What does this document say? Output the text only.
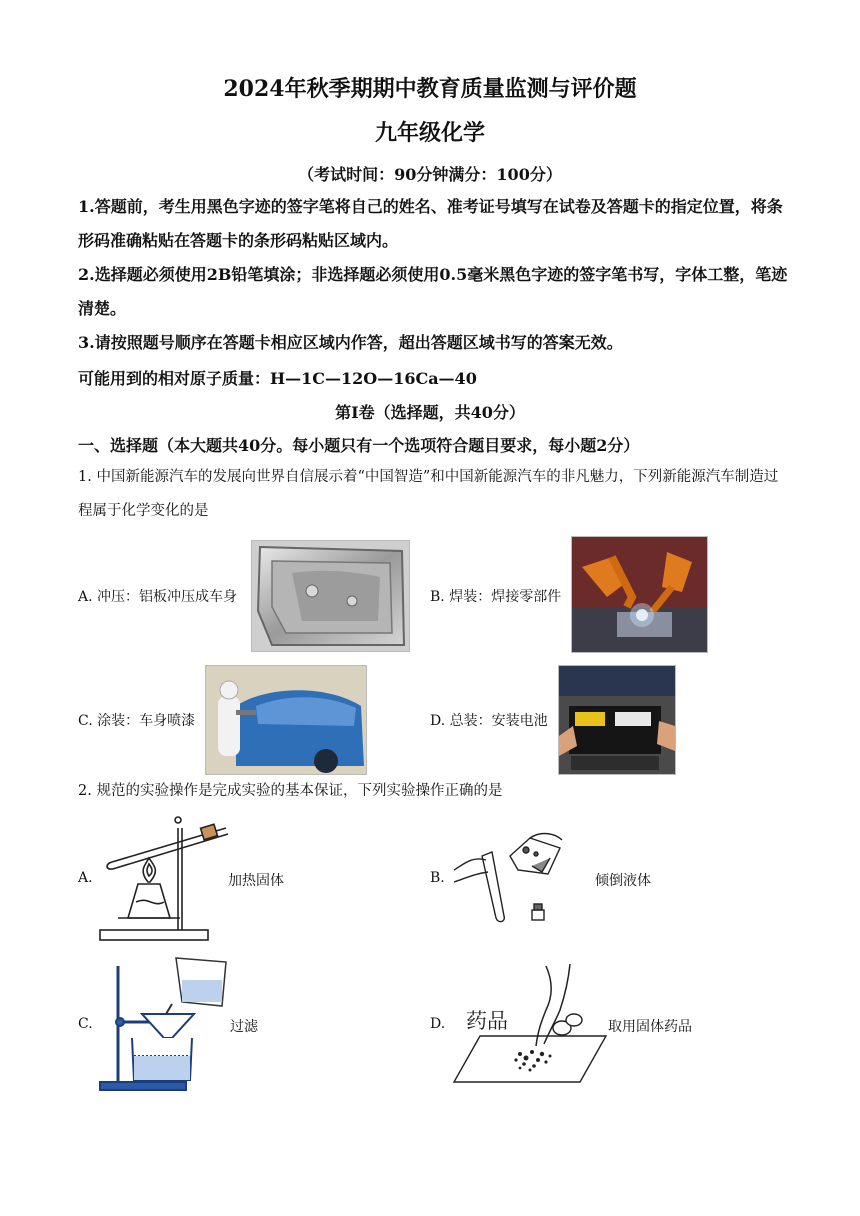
2024年秋季期期中教育质量监测与评价题
九年级化学
（考试时间：90分钟满分：100分）
1.答题前，考生用黑色字迹的签字笔将自己的姓名、准考证号填写在试卷及答题卡的指定位置，将条形码准确粘贴在答题卡的条形码粘贴区域内。
2.选择题必须使用2B铅笔填涂；非选择题必须使用0.5毫米黑色字迹的签字笔书写，字体工整，笔迹清楚。
3.请按照题号顺序在答题卡相应区域内作答，超出答题区域书写的答案无效。
可能用到的相对原子质量：H—1C—12O—16Ca—40
第Ⅰ卷（选择题，共40分）
一、选择题（本大题共40分。每小题只有一个选项符合题目要求，每小题2分）
1. 中国新能源汽车的发展向世界自信展示着“中国智造”和中国新能源汽车的非凡魅力，下列新能源汽车制造过程属于化学变化的是
A. 冲压：铝板冲压成车身	B. 焊装：焊接零部件
C. 涂装：车身喷漆	D. 总装：安装电池
2. 规范的实验操作是完成实验的基本保证，下列实验操作正确的是
A.	加热固体	B.	倾倒液体
C.	过滤	D. 药品	取用固体药品
